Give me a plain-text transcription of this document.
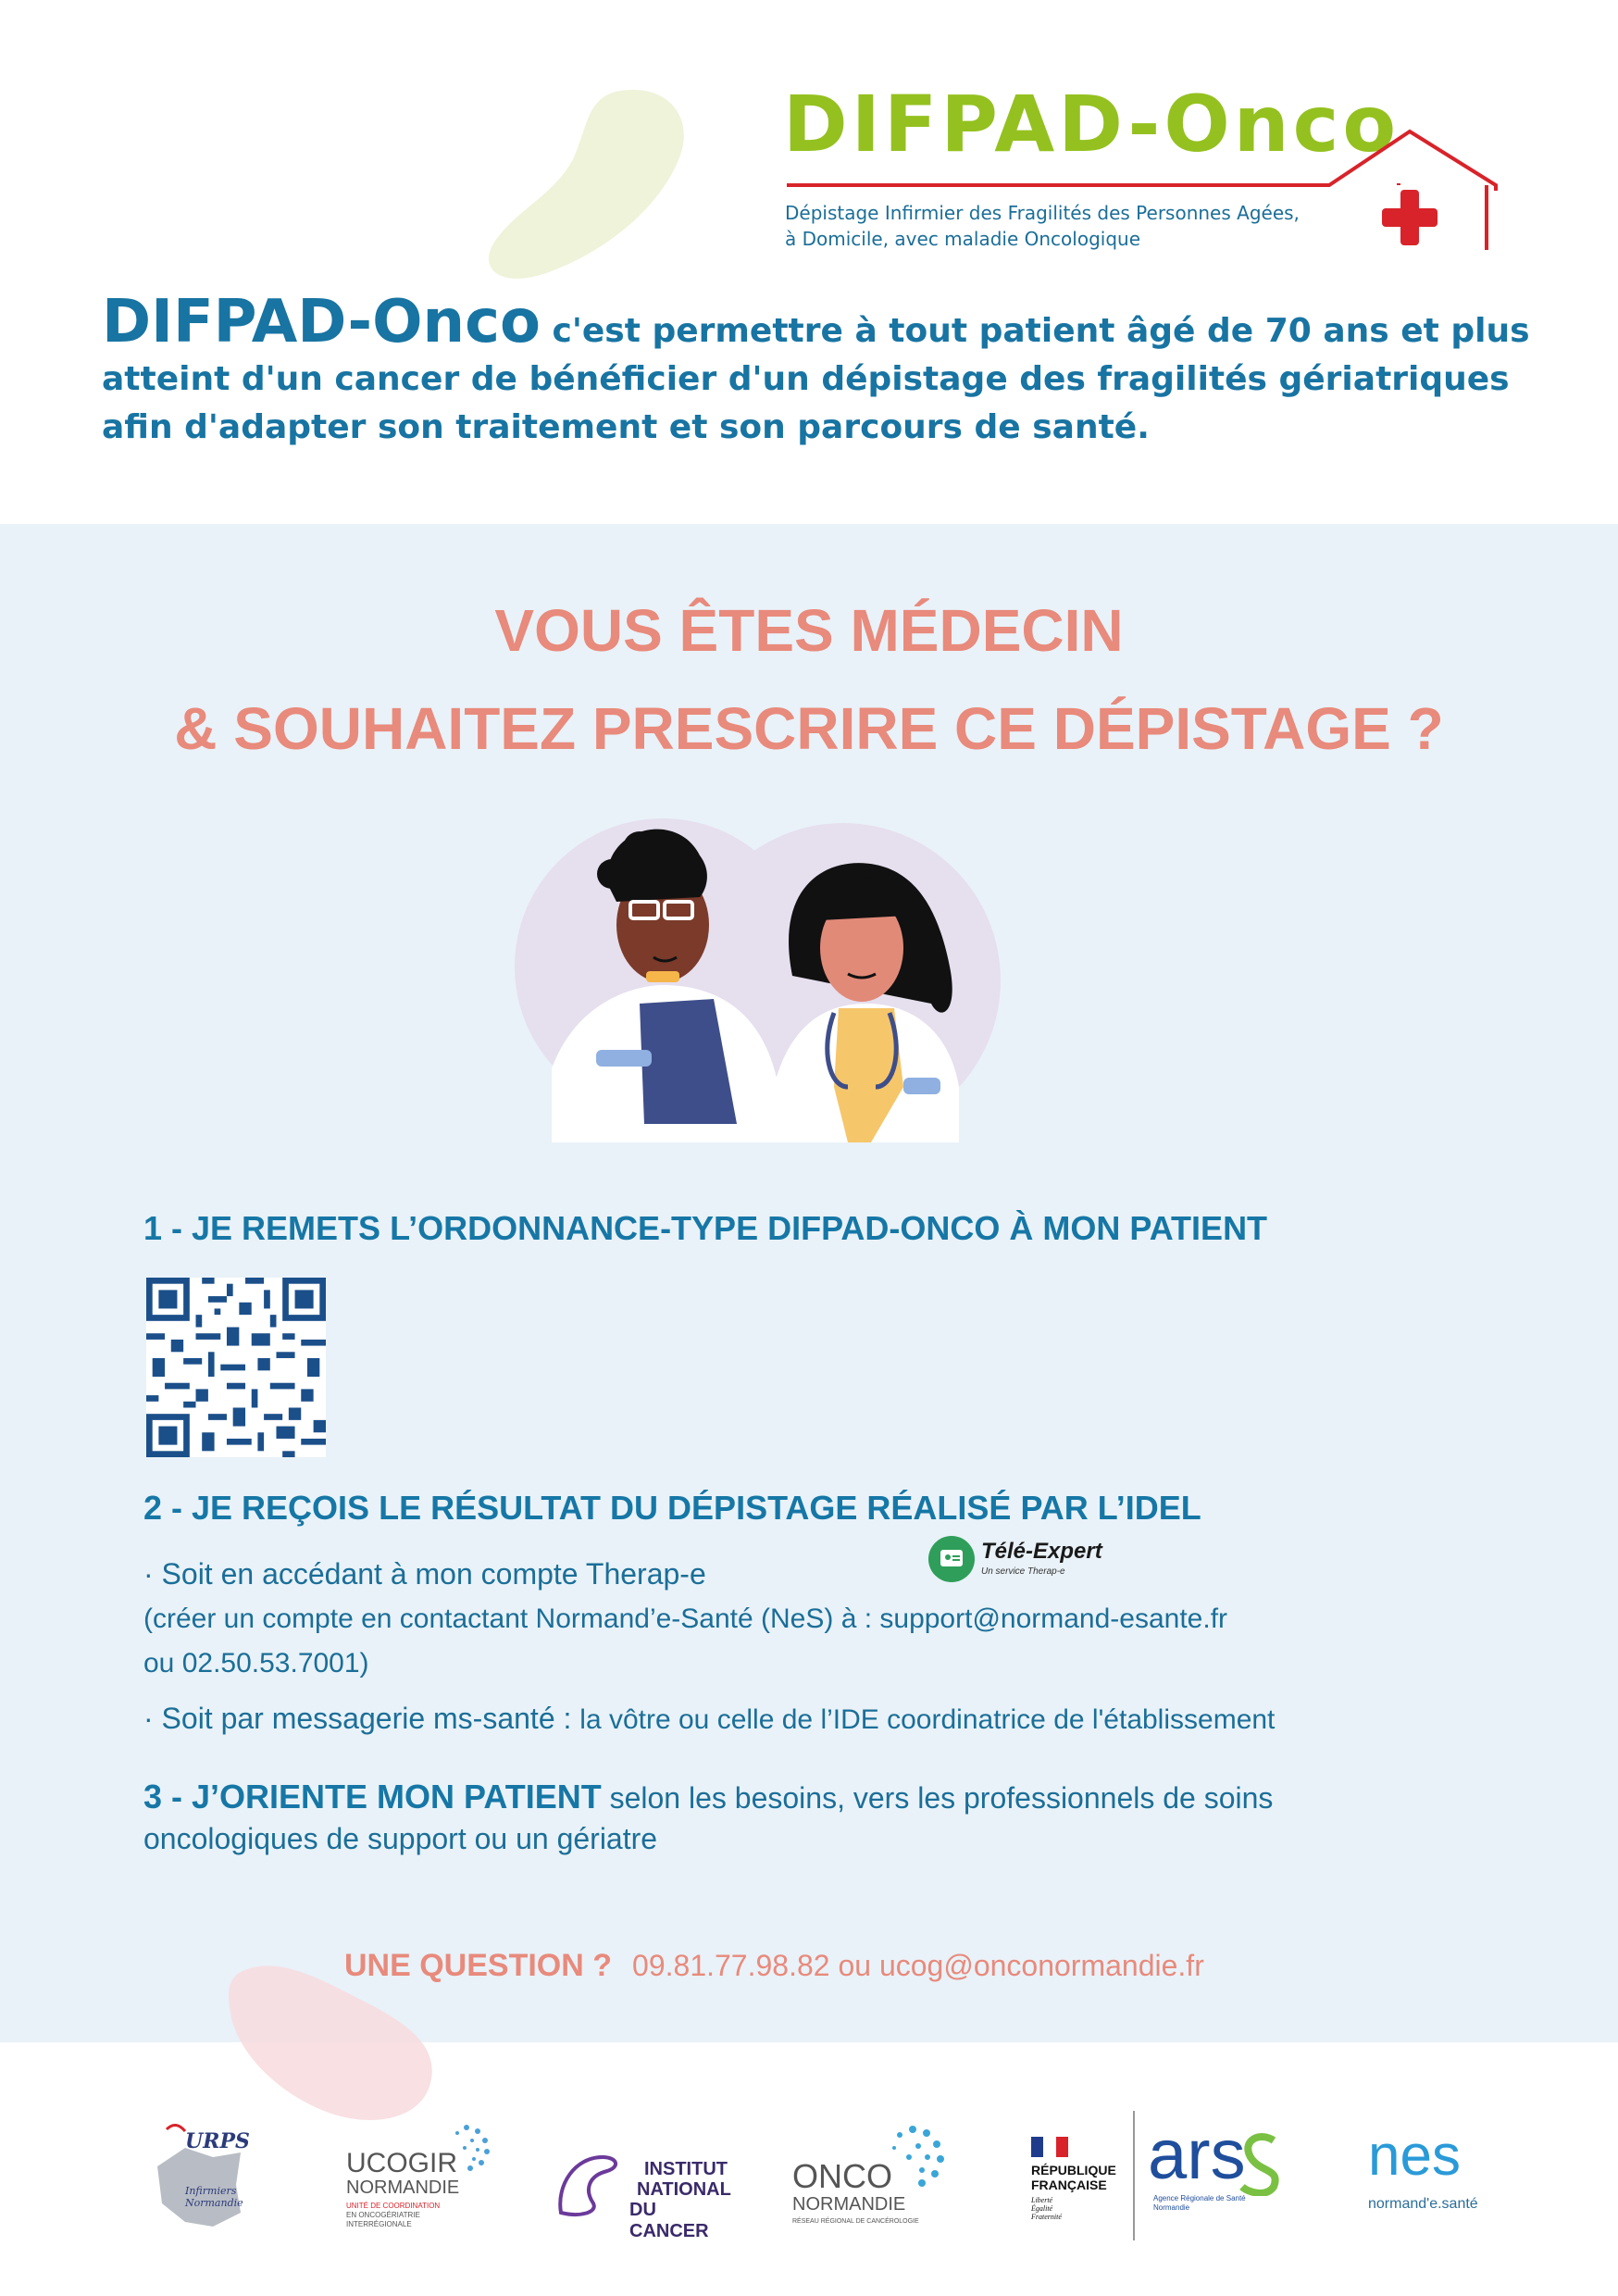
DIFPAD-Onco
Dépistage Infirmier des Fragilités des Personnes Agées,
à Domicile, avec maladie Oncologique
DIFPAD-Onco c'est permettre à tout patient âgé de 70 ans et plus
atteint d'un cancer de bénéficier d'un dépistage des fragilités gériatriques
afin d'adapter son traitement et son parcours de santé.
VOUS ÊTES MÉDECIN
& SOUHAITEZ PRESCRIRE CE DÉPISTAGE ?
1 - JE REMETS L’ORDONNANCE-TYPE DIFPAD-ONCO À MON PATIENT
2 - JE REÇOIS LE RÉSULTAT DU DÉPISTAGE RÉALISÉ PAR L’IDEL
· Soit en accédant à mon compte Therap-e
Télé-Expert
Un service Therap-e
(créer un compte en contactant Normand’e-Santé (NeS) à : support@normand-esante.fr
ou 02.50.53.7001)
· Soit par messagerie ms-santé : la vôtre ou celle de l’IDE coordinatrice de l'établissement
3 - J’ORIENTE MON PATIENT selon les besoins, vers les professionnels de soins
oncologiques de support ou un gériatre
UNE QUESTION ? 09.81.77.98.82 ou ucog@onconormandie.fr
URPS
Infirmiers Normandie
UCOGIR
NORMANDIE
UNITÉ DE COORDINATION
EN ONCOGÉRIATRIE
INTERRÉGIONALE
INSTITUT
NATIONAL
DU CANCER
ONCO
NORMANDIE
RÉSEAU RÉGIONAL DE CANCÉROLOGIE
RÉPUBLIQUE
FRANÇAISE
Liberté
Égalité
Fraternité
ars
Agence Régionale de Santé
Normandie
nes
normand'e.santé
